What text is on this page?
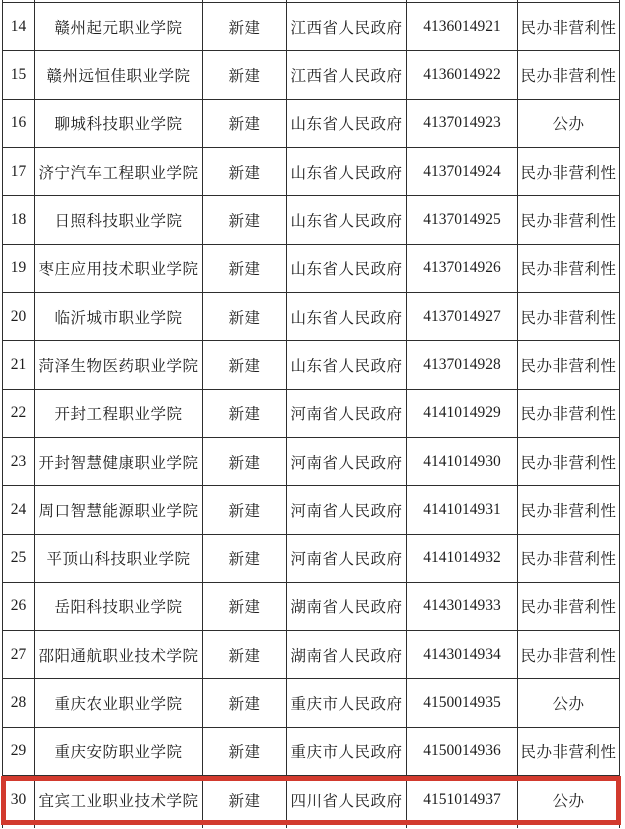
14	赣州起元职业学院	新建	江西省人民政府	4136014921	民办非营利性
15	赣州远恒佳职业学院	新建	江西省人民政府	4136014922	民办非营利性
16	聊城科技职业学院	新建	山东省人民政府	4137014923	公办
17	济宁汽车工程职业学院	新建	山东省人民政府	4137014924	民办非营利性
18	日照科技职业学院	新建	山东省人民政府	4137014925	民办非营利性
19	枣庄应用技术职业学院	新建	山东省人民政府	4137014926	民办非营利性
20	临沂城市职业学院	新建	山东省人民政府	4137014927	民办非营利性
21	菏泽生物医药职业学院	新建	山东省人民政府	4137014928	民办非营利性
22	开封工程职业学院	新建	河南省人民政府	4141014929	民办非营利性
23	开封智慧健康职业学院	新建	河南省人民政府	4141014930	民办非营利性
24	周口智慧能源职业学院	新建	河南省人民政府	4141014931	民办非营利性
25	平顶山科技职业学院	新建	河南省人民政府	4141014932	民办非营利性
26	岳阳科技职业学院	新建	湖南省人民政府	4143014933	民办非营利性
27	邵阳通航职业技术学院	新建	湖南省人民政府	4143014934	民办非营利性
28	重庆农业职业学院	新建	重庆市人民政府	4150014935	公办
29	重庆安防职业学院	新建	重庆市人民政府	4150014936	民办非营利性
30	宜宾工业职业技术学院	新建	四川省人民政府	4151014937	公办
